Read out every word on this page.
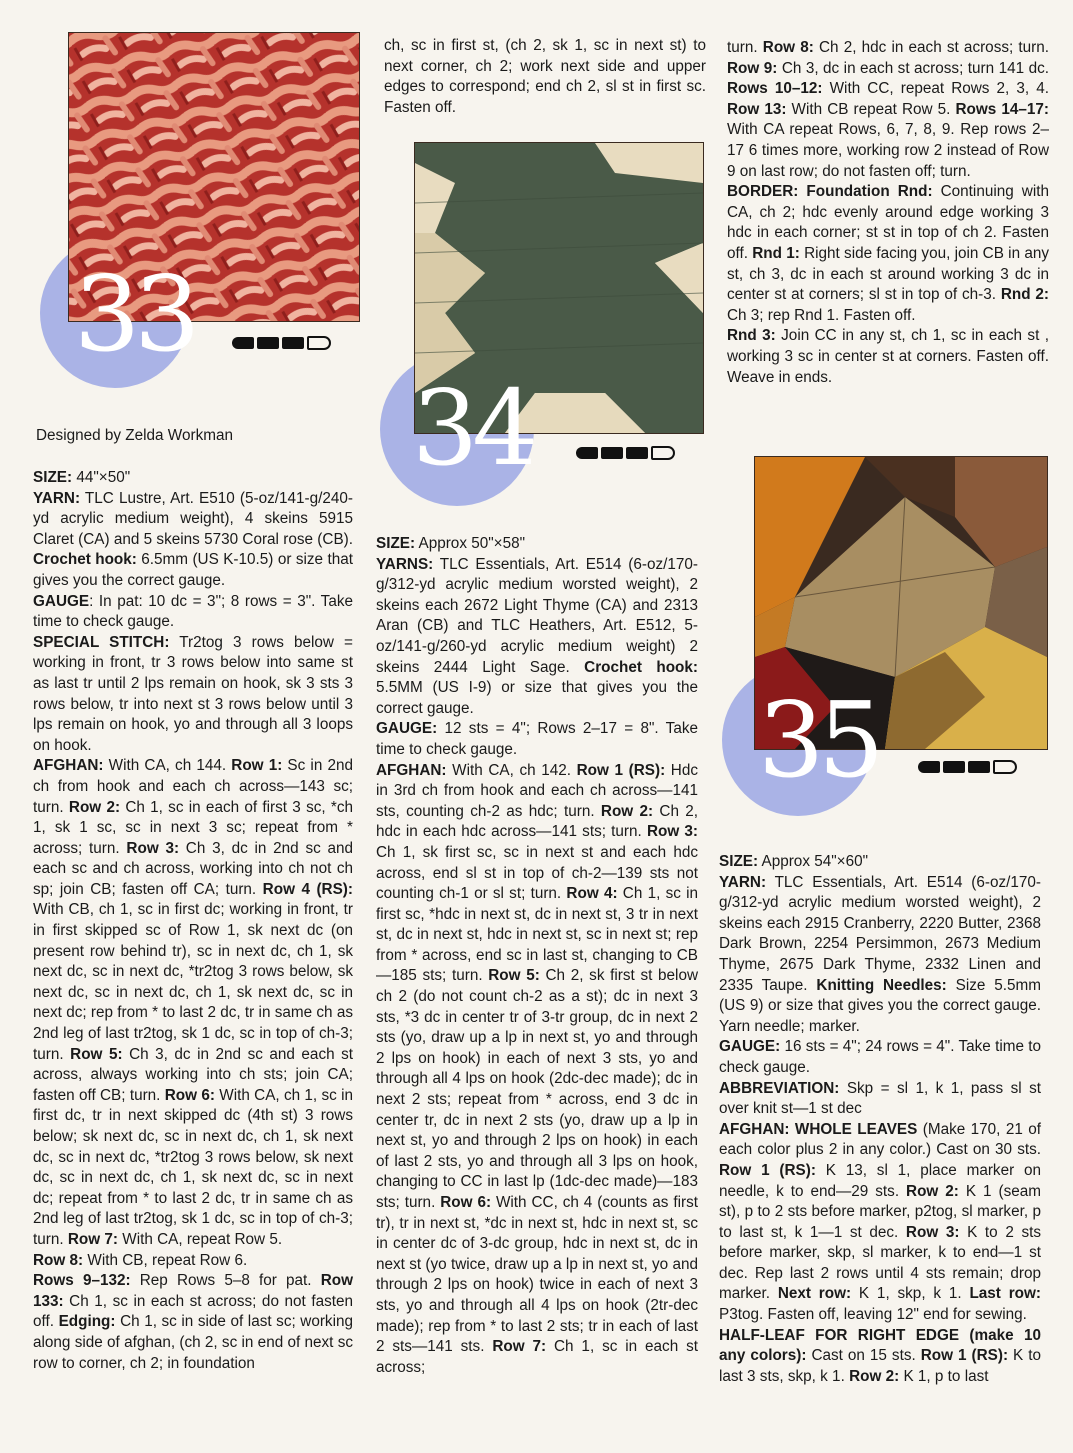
33
Designed by Zelda Workman

SIZE: 44"×50"

YARN: TLC Lustre, Art. E510 (5-oz/141-g/240-yd acrylic medium weight), 4 skeins 5915 Claret (CA) and 5 skeins 5730 Coral rose (CB). Crochet hook: 6.5mm (US K-10.5) or size that gives you the correct gauge.

GAUGE: In pat: 10 dc = 3"; 8 rows = 3". Take time to check gauge.

SPECIAL STITCH: Tr2tog 3 rows below = working in front, tr 3 rows below into same st as last tr until 2 lps remain on hook, sk 3 sts 3 rows below, tr into next st 3 rows below until 3 lps remain on hook, yo and through all 3 loops on hook.

AFGHAN: With CA, ch 144. Row 1: Sc in 2nd ch from hook and each ch across—143 sc; turn. Row 2: Ch 1, sc in each of first 3 sc, *ch 1, sk 1 sc, sc in next 3 sc; repeat from * across; turn. Row 3: Ch 3, dc in 2nd sc and each sc and ch across, working into ch not ch sp; join CB; fasten off CA; turn. Row 4 (RS): With CB, ch 1, sc in first dc; working in front, tr in first skipped sc of Row 1, sk next dc (on present row behind tr), sc in next dc, ch 1, sk next dc, sc in next dc, *tr2tog 3 rows below, sk next dc, sc in next dc, ch 1, sk next dc, sc in next dc; rep from * to last 2 dc, tr in same ch as 2nd leg of last tr2tog, sk 1 dc, sc in top of ch-3; turn. Row 5: Ch 3, dc in 2nd sc and each st across, always working into ch sts; join CA; fasten off CB; turn. Row 6: With CA, ch 1, sc in first dc, tr in next skipped dc (4th st) 3 rows below; sk next dc, sc in next dc, ch 1, sk next dc, sc in next dc, *tr2tog 3 rows below, sk next dc, sc in next dc, ch 1, sk next dc, sc in next dc; repeat from * to last 2 dc, tr in same ch as 2nd leg of last tr2tog, sk 1 dc, sc in top of ch-3; turn. Row 7: With CA, repeat Row 5.

Row 8: With CB, repeat Row 6.

Rows 9–132: Rep Rows 5–8 for pat. Row 133: Ch 1, sc in each st across; do not fasten off. Edging: Ch 1, sc in side of last sc; working along side of afghan, (ch 2, sc in end of next sc row to corner, ch 2; in foundation

ch, sc in first st, (ch 2, sk 1, sc in next st) to next corner, ch 2; work next side and upper edges to correspond; end ch 2, sl st in first sc. Fasten off.

34

SIZE: Approx 50"×58"

YARNS: TLC Essentials, Art. E514 (6-oz/170-g/312-yd acrylic medium worsted weight), 2 skeins each 2672 Light Thyme (CA) and 2313 Aran (CB) and TLC Heathers, Art. E512, 5-oz/141-g/260-yd acrylic medium weight) 2 skeins 2444 Light Sage. Crochet hook: 5.5MM (US I-9) or size that gives you the correct gauge.

GAUGE: 12 sts = 4"; Rows 2–17 = 8". Take time to check gauge.

AFGHAN: With CA, ch 142. Row 1 (RS): Hdc in 3rd ch from hook and each ch across—141 sts, counting ch-2 as hdc; turn. Row 2: Ch 2, hdc in each hdc across—141 sts; turn. Row 3: Ch 1, sk first sc, sc in next st and each hdc across, end sl st in top of ch-2—139 sts not counting ch-1 or sl st; turn. Row 4: Ch 1, sc in first sc, *hdc in next st, dc in next st, 3 tr in next st, dc in next st, hdc in next st, sc in next st; rep from * across, end sc in last st, changing to CB—185 sts; turn. Row 5: Ch 2, sk first st below ch 2 (do not count ch-2 as a st); dc in next 3 sts, *3 dc in center tr of 3-tr group, dc in next 2 sts (yo, draw up a lp in next st, yo and through 2 lps on hook) in each of next 3 sts, yo and through all 4 lps on hook (2dc-dec made); dc in next 2 sts; repeat from * across, end 3 dc in center tr, dc in next 2 sts (yo, draw up a lp in next st, yo and through 2 lps on hook) in each of last 2 sts, yo and through all 3 lps on hook, changing to CC in last lp (1dc-dec made)—183 sts; turn. Row 6: With CC, ch 4 (counts as first tr), tr in next st, *dc in next st, hdc in next st, sc in center dc of 3-dc group, hdc in next st, dc in next st (yo twice, draw up a lp in next st, yo and through 2 lps on hook) twice in each of next 3 sts, yo and through all 4 lps on hook (2tr-dec made); rep from * to last 2 sts; tr in each of last 2 sts—141 sts. Row 7: Ch 1, sc in each st across;

turn. Row 8: Ch 2, hdc in each st across; turn. Row 9: Ch 3, dc in each st across; turn 141 dc. Rows 10–12: With CC, repeat Rows 2, 3, 4. Row 13: With CB repeat Row 5. Rows 14–17: With CA repeat Rows, 6, 7, 8, 9. Rep rows 2–17 6 times more, working row 2 instead of Row 9 on last row; do not fasten off; turn.

BORDER: Foundation Rnd: Continuing with CA, ch 2; hdc evenly around edge working 3 hdc in each corner; st st in top of ch 2. Fasten off. Rnd 1: Right side facing you, join CB in any st, ch 3, dc in each st around working 3 dc in center st at corners; sl st in top of ch-3. Rnd 2: Ch 3; rep Rnd 1. Fasten off.

Rnd 3: Join CC in any st, ch 1, sc in each st , working 3 sc in center st at corners. Fasten off. Weave in ends.

35

SIZE: Approx 54"×60"

YARN: TLC Essentials, Art. E514 (6-oz/170-g/312-yd acrylic medium worsted weight), 2 skeins each 2915 Cranberry, 2220 Butter, 2368 Dark Brown, 2254 Persimmon, 2673 Medium Thyme, 2675 Dark Thyme, 2332 Linen and 2335 Taupe. Knitting Needles: Size 5.5mm (US 9) or size that gives you the correct gauge. Yarn needle; marker.

GAUGE: 16 sts = 4"; 24 rows = 4". Take time to check gauge.

ABBREVIATION: Skp = sl 1, k 1, pass sl st over knit st—1 st dec

AFGHAN: WHOLE LEAVES (Make 170, 21 of each color plus 2 in any color.) Cast on 30 sts. Row 1 (RS): K 13, sl 1, place marker on needle, k to end—29 sts. Row 2: K 1 (seam st), p to 2 sts before marker, p2tog, sl marker, p to last st, k 1—1 st dec. Row 3: K to 2 sts before marker, skp, sl marker, k to end—1 st dec. Rep last 2 rows until 4 sts remain; drop marker. Next row: K 1, skp, k 1. Last row: P3tog. Fasten off, leaving 12" end for sewing.

HALF-LEAF FOR RIGHT EDGE (make 10 any colors): Cast on 15 sts. Row 1 (RS): K to last 3 sts, skp, k 1. Row 2: K 1, p to last
